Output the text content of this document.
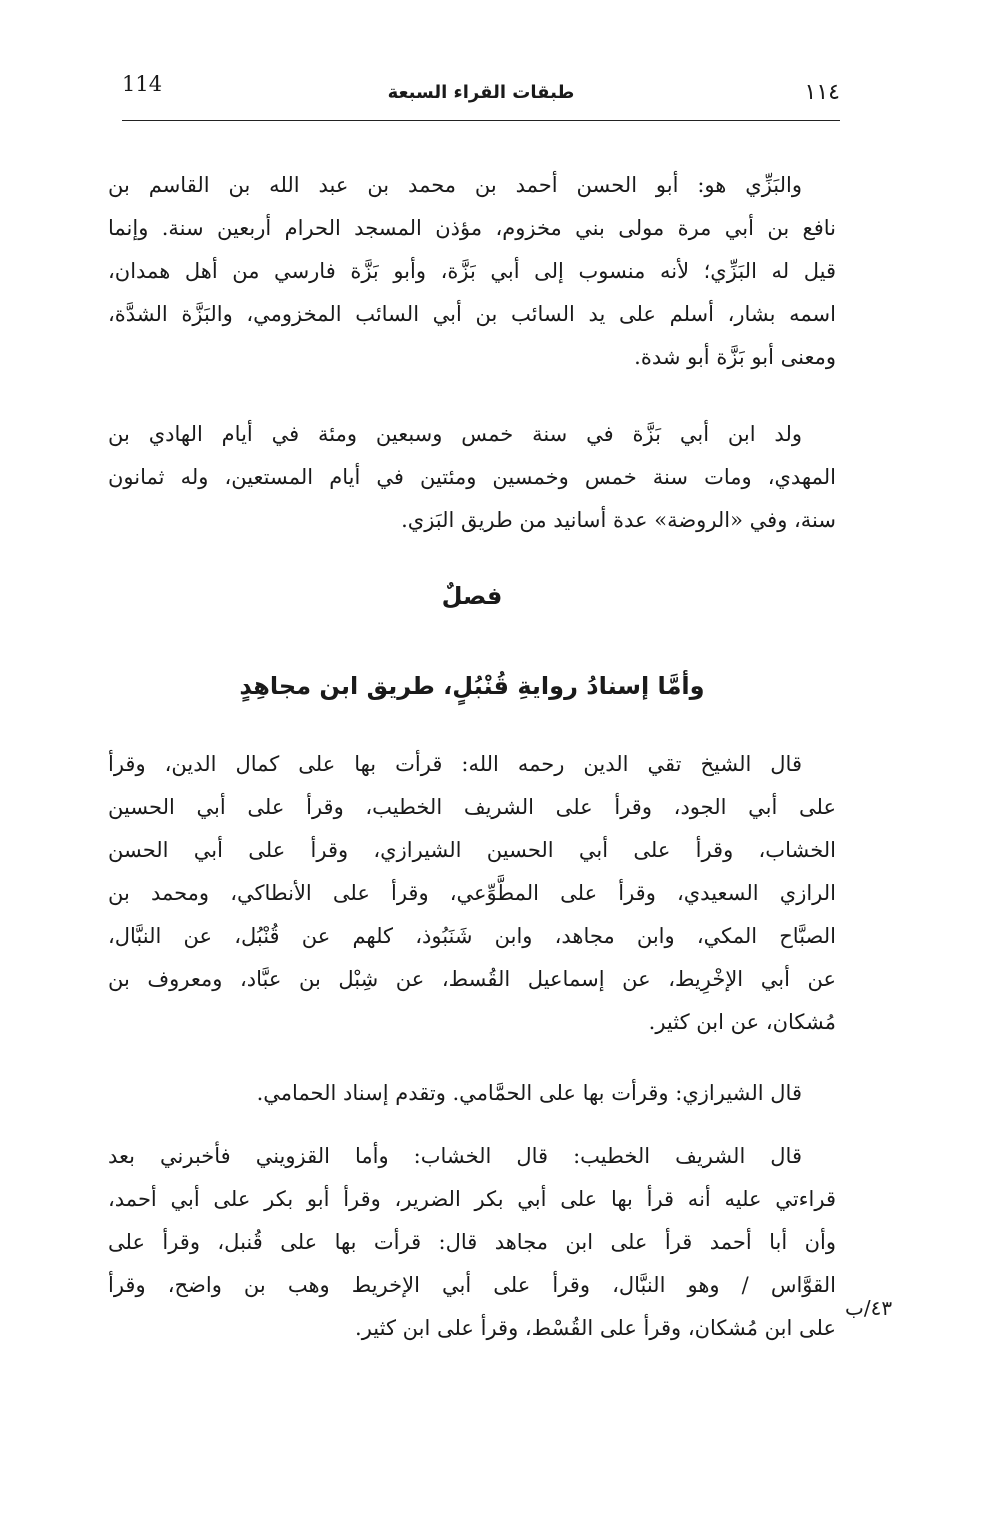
114	طبقات القراء السبعة	١١٤
والبَزِّي هو: أبو الحسن أحمد بن محمد بن عبد الله بن القاسم بن
نافع بن أبي مرة مولى بني مخزوم، مؤذن المسجد الحرام أربعين سنة. وإنما
قيل له البَزِّي؛ لأنه منسوب إلى أبي بَزَّة، وأبو بَزَّة فارسي من أهل همدان،
اسمه بشار، أسلم على يد السائب بن أبي السائب المخزومي، والبَزَّة الشدَّة،
ومعنى أبو بَزَّة أبو شدة.
ولد ابن أبي بَزَّة في سنة خمس وسبعين ومئة في أيام الهادي بن
المهدي، ومات سنة خمس وخمسين ومئتين في أيام المستعين، وله ثمانون
سنة، وفي «الروضة» عدة أسانيد من طريق البَزي.
فصلٌ
وأمَّا إسنادُ روايةِ قُنْبُلٍ، طريق ابن مجاهِدٍ
قال الشيخ تقي الدين رحمه الله: قرأت بها على كمال الدين، وقرأ
على أبي الجود، وقرأ على الشريف الخطيب، وقرأ على أبي الحسين
الخشاب، وقرأ على أبي الحسين الشيرازي، وقرأ على أبي الحسن
الرازي السعيدي، وقرأ على المطَّوِّعي، وقرأ على الأنطاكي، ومحمد بن
الصبَّاح المكي، وابن مجاهد، وابن شَنَبُوذ، كلهم عن قُنْبُل، عن النبَّال،
عن أبي الإخْرِيط، عن إسماعيل القُسط، عن شِبْل بن عبَّاد، ومعروف بن
مُشكان، عن ابن كثير.
قال الشيرازي: وقرأت بها على الحمَّامي. وتقدم إسناد الحمامي.
قال الشريف الخطيب: قال الخشاب: وأما القزويني فأخبرني بعد
قراءتي عليه أنه قرأ بها على أبي بكر الضرير، وقرأ أبو بكر على أبي أحمد،
وأن أبا أحمد قرأ على ابن مجاهد قال: قرأت بها على قُنبل، وقرأ على
القوَّاس / وهو النبَّال، وقرأ على أبي الإخريط وهب بن واضح، وقرأ
على ابن مُشكان، وقرأ على القُسْط، وقرأ على ابن كثير.
٤٣/ب
